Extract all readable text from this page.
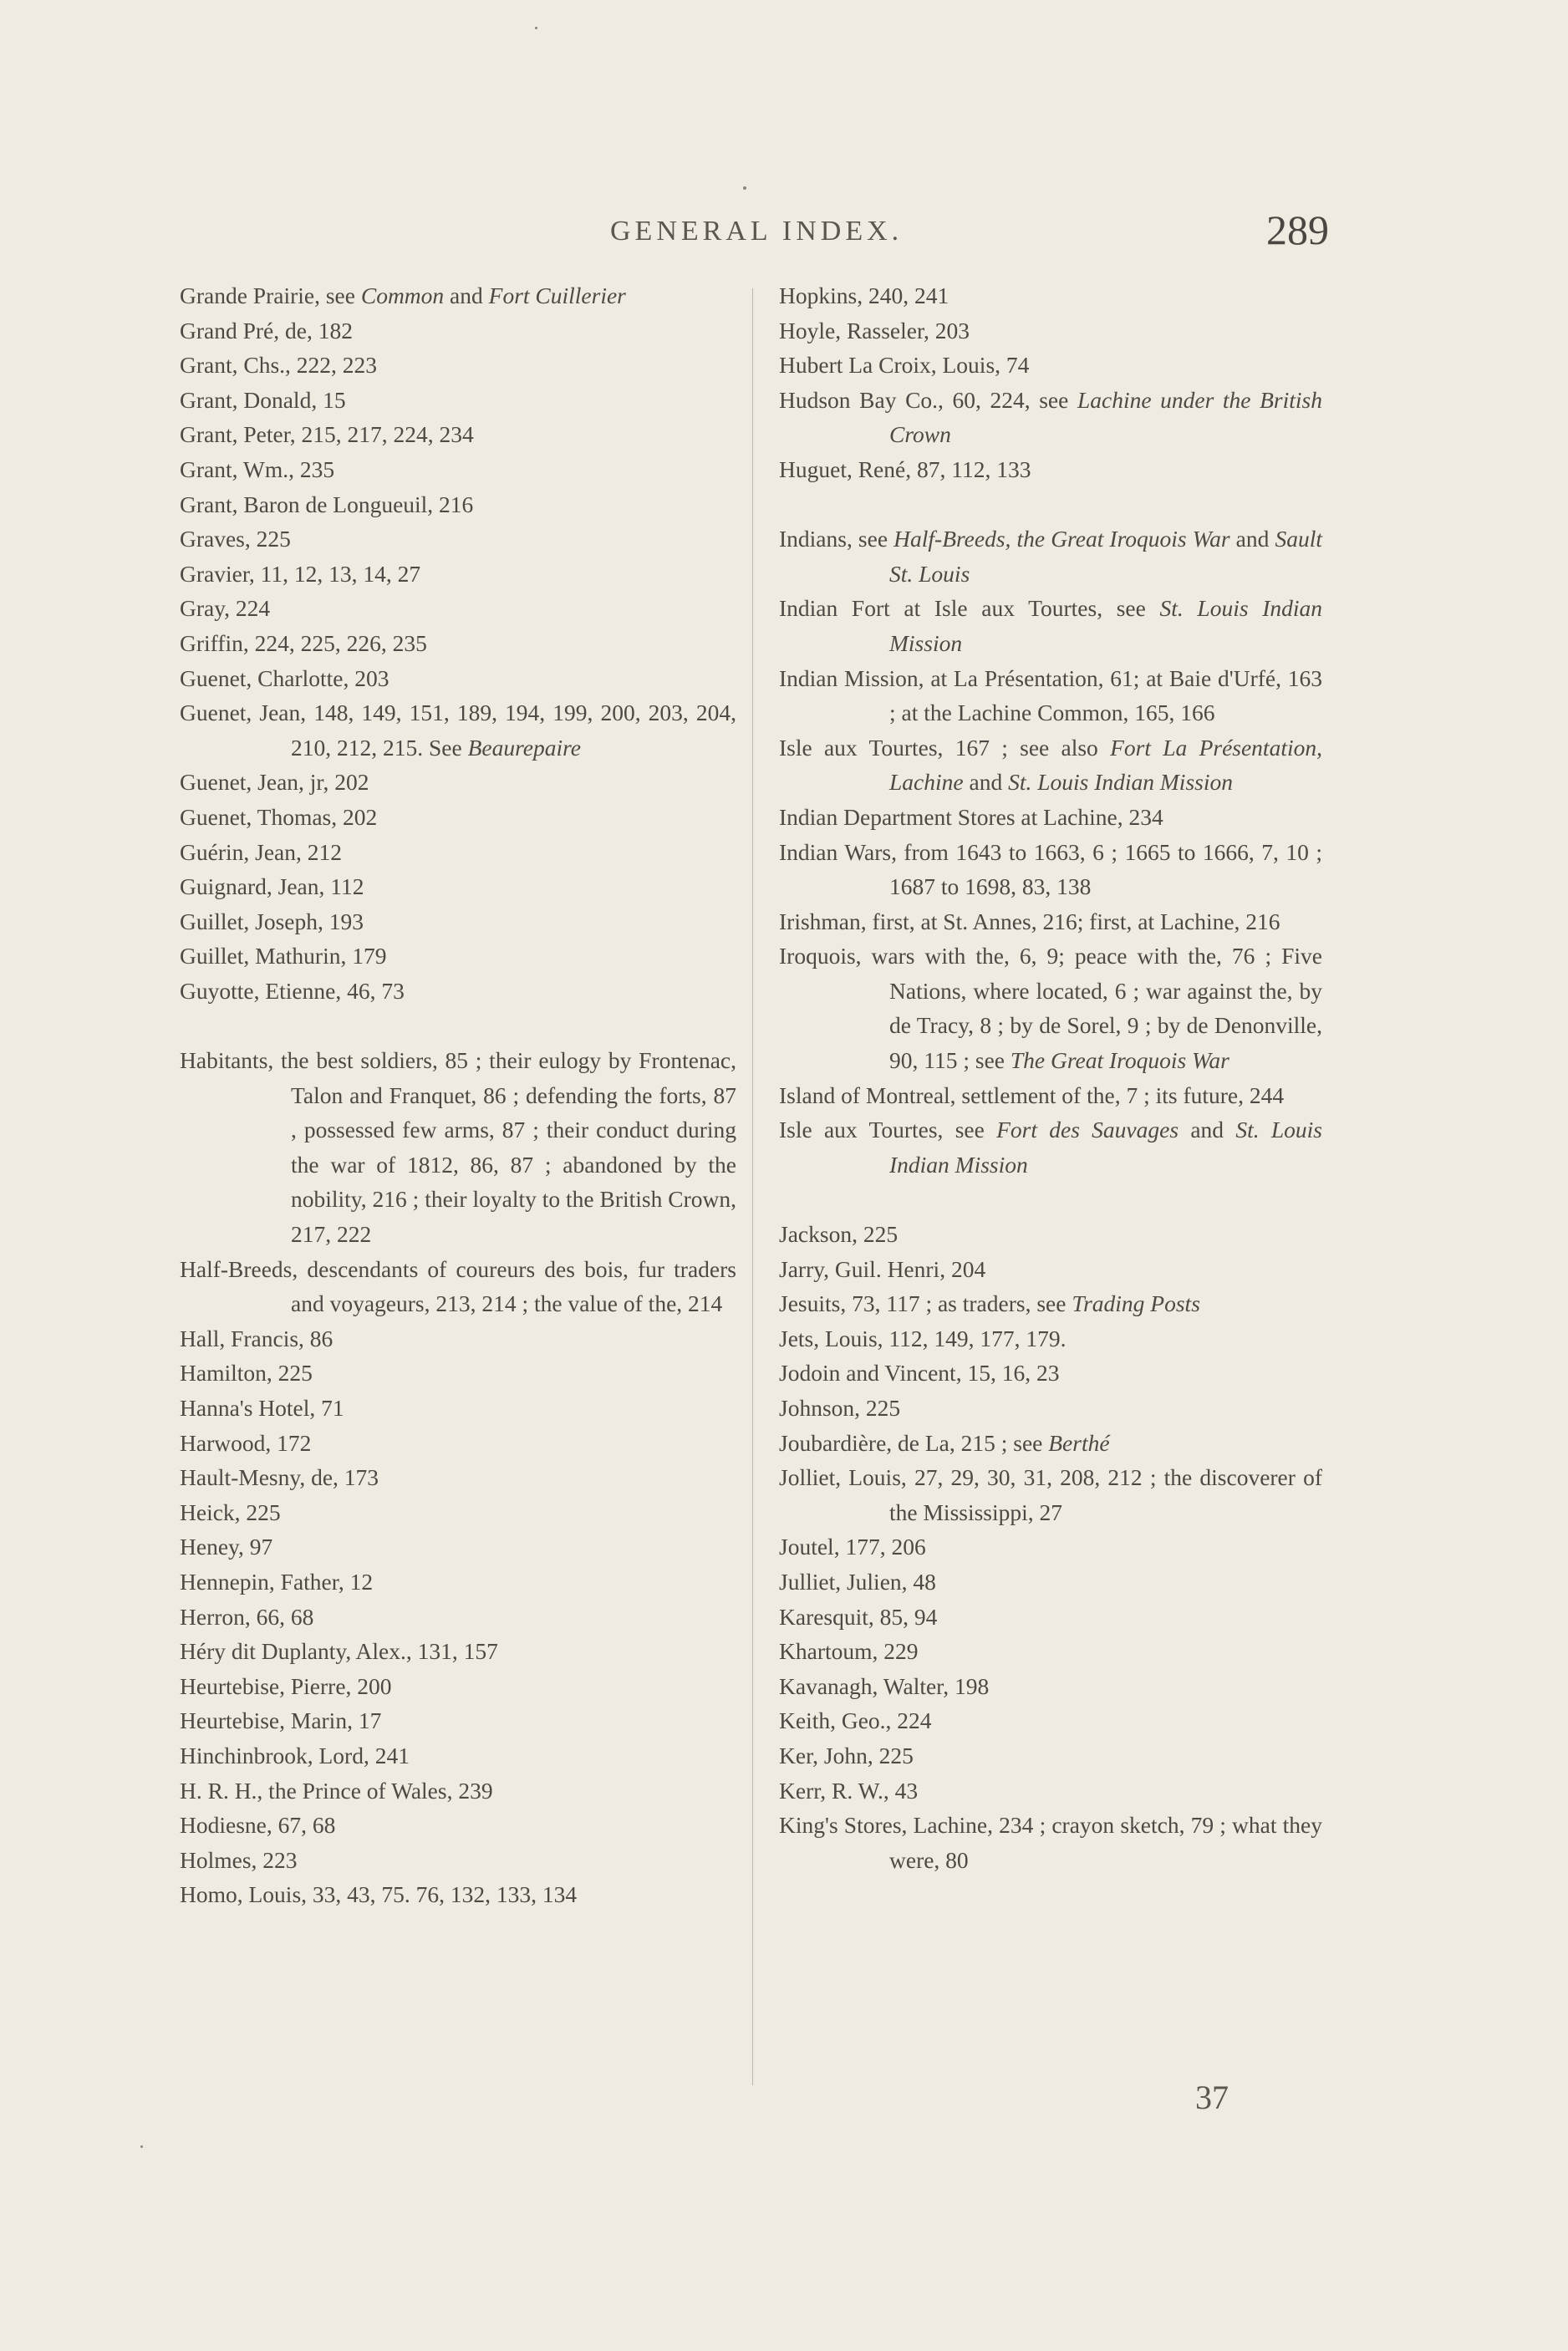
GENERAL INDEX.	289
Grande Prairie, see Common and Fort Cuillerier
Grand Pré, de, 182
Grant, Chs., 222, 223
Grant, Donald, 15
Grant, Peter, 215, 217, 224, 234
Grant, Wm., 235
Grant, Baron de Longueuil, 216
Graves, 225
Gravier, 11, 12, 13, 14, 27
Gray, 224
Griffin, 224, 225, 226, 235
Guenet, Charlotte, 203
Guenet, Jean, 148, 149, 151, 189, 194, 199, 200, 203, 204, 210, 212, 215. See Beaurepaire
Guenet, Jean, jr, 202
Guenet, Thomas, 202
Guérin, Jean, 212
Guignard, Jean, 112
Guillet, Joseph, 193
Guillet, Mathurin, 179
Guyotte, Etienne, 46, 73
Habitants, the best soldiers, 85 ; their eulogy by Frontenac, Talon and Franquet, 86 ; defending the forts, 87 , possessed few arms, 87 ; their conduct during the war of 1812, 86, 87 ; abandoned by the nobility, 216 ; their loyalty to the British Crown, 217, 222
Half-Breeds, descendants of coureurs des bois, fur traders and voyageurs, 213, 214 ; the value of the, 214
Hall, Francis, 86
Hamilton, 225
Hanna's Hotel, 71
Harwood, 172
Hault-Mesny, de, 173
Heick, 225
Heney, 97
Hennepin, Father, 12
Herron, 66, 68
Héry dit Duplanty, Alex., 131, 157
Heurtebise, Pierre, 200
Heurtebise, Marin, 17
Hinchinbrook, Lord, 241
H. R. H., the Prince of Wales, 239
Hodiesne, 67, 68
Holmes, 223
Homo, Louis, 33, 43, 75. 76, 132, 133, 134
Hopkins, 240, 241
Hoyle, Rasseler, 203
Hubert La Croix, Louis, 74
Hudson Bay Co., 60, 224, see Lachine under the British Crown
Huguet, René, 87, 112, 133
Indians, see Half-Breeds, the Great Iroquois War and Sault St. Louis
Indian Fort at Isle aux Tourtes, see St. Louis Indian Mission
Indian Mission, at La Présentation, 61; at Baie d'Urfé, 163 ; at the Lachine Common, 165, 166
Isle aux Tourtes, 167 ; see also Fort La Présentation, Lachine and St. Louis Indian Mission
Indian Department Stores at Lachine, 234
Indian Wars, from 1643 to 1663, 6 ; 1665 to 1666, 7, 10 ; 1687 to 1698, 83, 138
Irishman, first, at St. Annes, 216; first, at Lachine, 216
Iroquois, wars with the, 6, 9; peace with the, 76 ; Five Nations, where located, 6 ; war against the, by de Tracy, 8 ; by de Sorel, 9 ; by de Denonville, 90, 115 ; see The Great Iroquois War
Island of Montreal, settlement of the, 7 ; its future, 244
Isle aux Tourtes, see Fort des Sauvages and St. Louis Indian Mission
Jackson, 225
Jarry, Guil. Henri, 204
Jesuits, 73, 117 ; as traders, see Trading Posts
Jets, Louis, 112, 149, 177, 179.
Jodoin and Vincent, 15, 16, 23
Johnson, 225
Joubardière, de La, 215 ; see Berthé
Jolliet, Louis, 27, 29, 30, 31, 208, 212 ; the discoverer of the Mississippi, 27
Joutel, 177, 206
Julliet, Julien, 48
Karesquit, 85, 94
Khartoum, 229
Kavanagh, Walter, 198
Keith, Geo., 224
Ker, John, 225
Kerr, R. W., 43
King's Stores, Lachine, 234 ; crayon sketch, 79 ; what they were, 80
37
